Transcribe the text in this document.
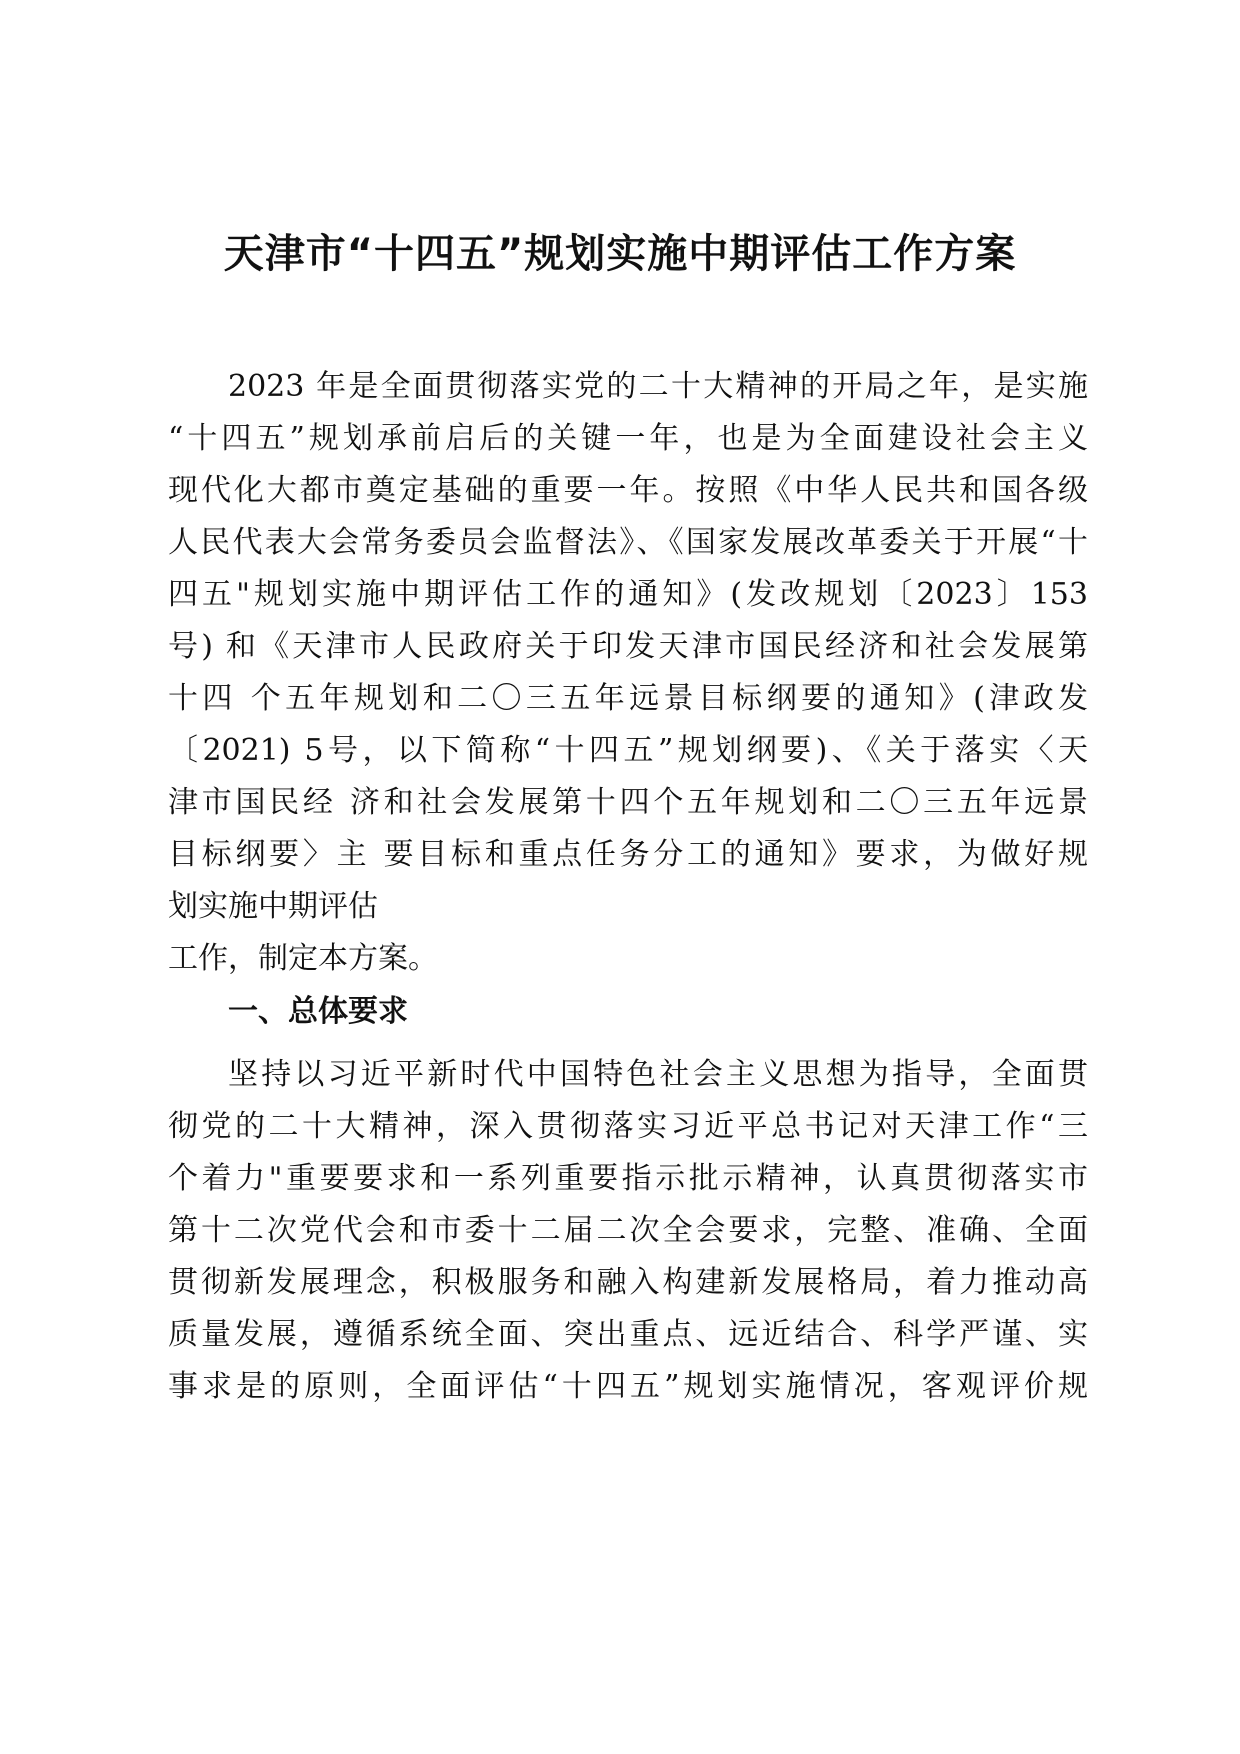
天津市“十四五”规划实施中期评估工作方案
2023 年是全面贯彻落实党的二十大精神的开局之年，是实施
“十四五”规划承前启后的关键一年，也是为全面建设社会主义
现代化大都市奠定基础的重要一年。按照《中华人民共和国各级
人民代表大会常务委员会监督法》、《国家发展改革委关于开展“十
四五"规划实施中期评估工作的通知》(发改规划〔2023〕153
号) 和《天津市人民政府关于印发天津市国民经济和社会发展第
十四 个五年规划和二〇三五年远景目标纲要的通知》(津政发
〔2021) 5号，以下简称“十四五”规划纲要)、《关于落实〈天
津市国民经 济和社会发展第十四个五年规划和二〇三五年远景
目标纲要〉主 要目标和重点任务分工的通知》要求，为做好规
划实施中期评估
工作，制定本方案。
一、总体要求
坚持以习近平新时代中国特色社会主义思想为指导，全面贯
彻党的二十大精神，深入贯彻落实习近平总书记对天津工作“三
个着力"重要要求和一系列重要指示批示精神，认真贯彻落实市
第十二次党代会和市委十二届二次全会要求，完整、准确、全面
贯彻新发展理念，积极服务和融入构建新发展格局，着力推动高
质量发展，遵循系统全面、突出重点、远近结合、科学严谨、实
事求是的原则，全面评估“十四五”规划实施情况，客观评价规
